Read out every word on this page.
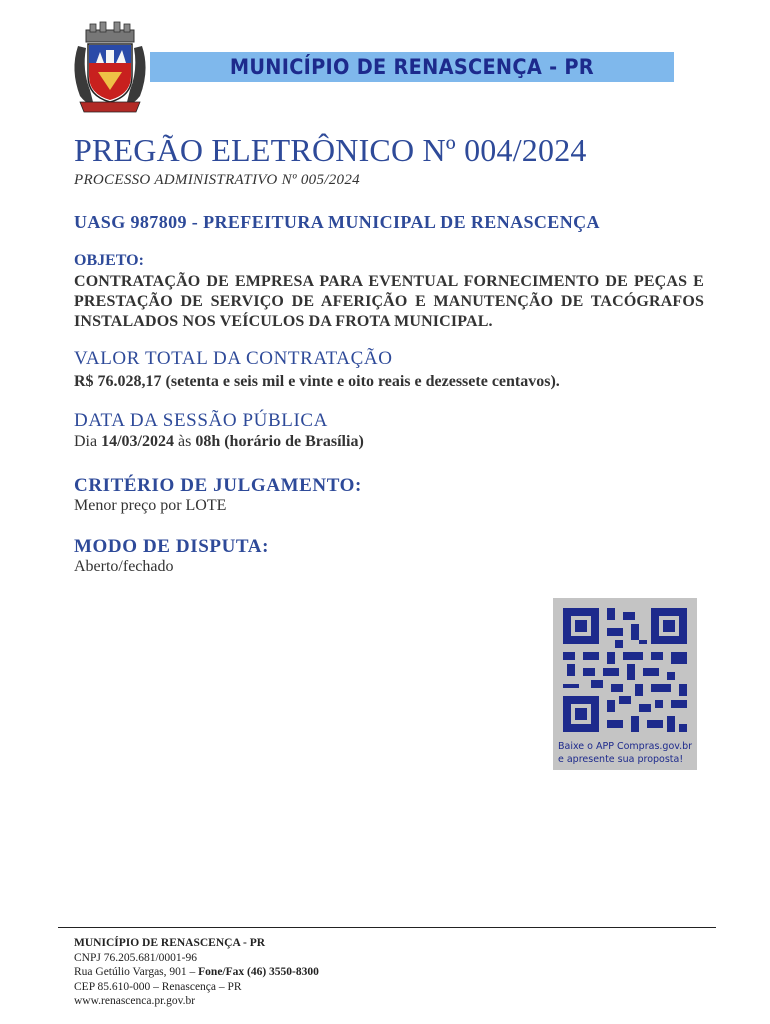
MUNICÍPIO DE RENASCENÇA - PR
PREGÃO ELETRÔNICO Nº 004/2024
PROCESSO ADMINISTRATIVO Nº 005/2024
UASG 987809 - PREFEITURA MUNICIPAL DE RENASCENÇA
OBJETO:
CONTRATAÇÃO DE EMPRESA PARA EVENTUAL FORNECIMENTO DE PEÇAS E PRESTAÇÃO DE SERVIÇO DE AFERIÇÃO E MANUTENÇÃO DE TACÓGRAFOS INSTALADOS NOS VEÍCULOS DA FROTA MUNICIPAL.
VALOR TOTAL DA CONTRATAÇÃO
R$ 76.028,17 (setenta e seis mil e vinte e oito reais e dezessete centavos).
DATA DA SESSÃO PÚBLICA
Dia 14/03/2024 às 08h (horário de Brasília)
CRITÉRIO DE JULGAMENTO:
Menor preço por LOTE
MODO DE DISPUTA:
Aberto/fechado
Baixe o APP Compras.gov.br
e apresente sua proposta!
MUNICÍPIO DE RENASCENÇA - PR
CNPJ 76.205.681/0001-96
Rua Getúlio Vargas, 901 – Fone/Fax (46) 3550-8300
CEP 85.610-000 – Renascença – PR
www.renascenca.pr.gov.br
